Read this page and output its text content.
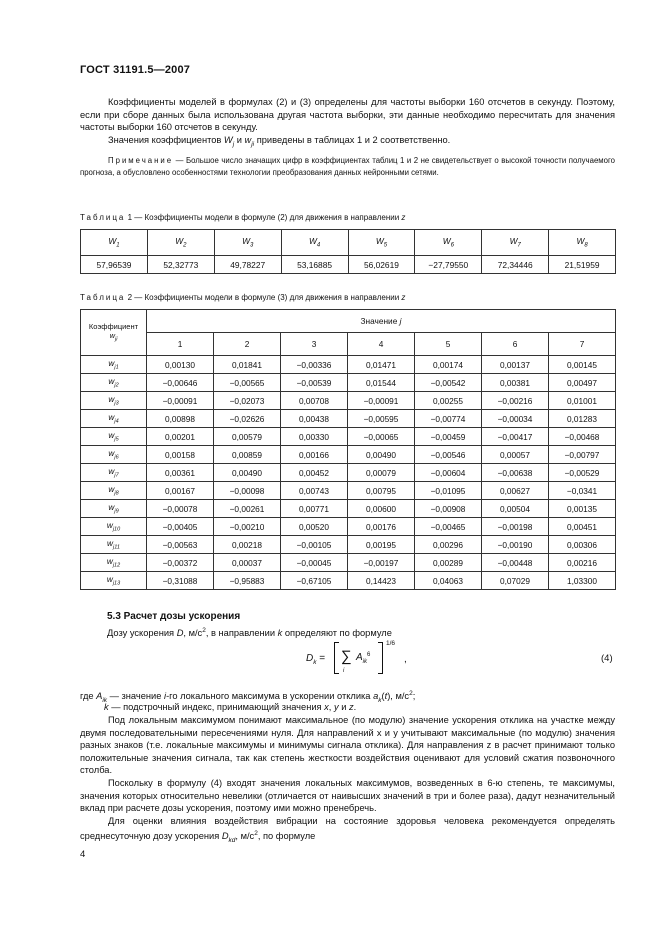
ГОСТ 31191.5—2007
Коэффициенты моделей в формулах (2) и (3) определены для частоты выборки 160 отсчетов в секунду. Поэтому, если при сборе данных была использована другая частота выборки, эти данные необходимо пересчитать для значения частоты выборки 160 отсчетов в секунду.
Значения коэффициентов $W_j$ и $w_{ji}$ приведены в таблицах 1 и 2 соответственно.
Примечание — Большое число значащих цифр в коэффициентах таблиц 1 и 2 не свидетельствует о высокой точности получаемого прогноза, а обусловлено особенностями технологии преобразования данных нейронными сетями.
Таблица 1 — Коэффициенты модели в формуле (2) для движения в направлении z
$W_1$	$W_2$	$W_3$	$W_4$	$W_5$	$W_6$	$W_7$	$W_8$
57,96539	52,32773	49,78227	53,16885	56,02619	−27,79550	72,34446	21,51959
Таблица 2 — Коэффициенты модели в формуле (3) для движения в направлении z
Коэффициент
$w_{ji}$	Значение j						
	1	2	3	4	5	6	7
$w_{j1}$	0,00130	0,01841	−0,00336	0,01471	0,00174	0,00137	0,00145
$w_{j2}$	−0,00646	−0,00565	−0,00539	0,01544	−0,00542	0,00381	0,00497
$w_{j3}$	−0,00091	−0,02073	0,00708	−0,00091	0,00255	−0,00216	0,01001
$w_{j4}$	0,00898	−0,02626	0,00438	−0,00595	−0,00774	−0,00034	0,01283
$w_{j5}$	0,00201	0,00579	0,00330	−0,00065	−0,00459	−0,00417	−0,00468
$w_{j6}$	0,00158	0,00859	0,00166	0,00490	−0,00546	0,00057	−0,00797
$w_{j7}$	0,00361	0,00490	0,00452	0,00079	−0,00604	−0,00638	−0,00529
$w_{j8}$	0,00167	−0,00098	0,00743	0,00795	−0,01095	0,00627	−0,0341
$w_{j9}$	−0,00078	−0,00261	0,00771	0,00600	−0,00908	0,00504	0,00135
$w_{j10}$	−0,00405	−0,00210	0,00520	0,00176	−0,00465	−0,00198	0,00451
$w_{j11}$	−0,00563	0,00218	−0,00105	0,00195	0,00296	−0,00190	0,00306
$w_{j12}$	−0,00372	0,00037	−0,00045	−0,00197	0,00289	−0,00448	0,00216
$w_{j13}$	−0,31088	−0,95883	−0,67105	0,14423	0,04063	0,07029	1,03300
5.3 Расчет дозы ускорения
Дозу ускорения D, $м/с^2$, в направлении k определяют по формуле
$D_k$ = ∑
i
$A_{ik}^6$
1/6
,	(4)
где $A_{ik}$ — значение i-го локального максимума в ускорении отклика $a_k(t)$, $м/с^2$;
k — подстрочный индекс, принимающий значения x, y и z.
Под локальным максимумом понимают максимальное (по модулю) значение ускорения отклика на участке между двумя последовательными пересечениями нуля. Для направлений x и y учитывают максимальные (по модулю) значения разных знаков (т.е. локальные максимумы и минимумы сигнала отклика). Для направления z в расчет принимают только положительные значения сигнала, так как степень жесткости воздействия оценивают для условий сжатия позвоночного столба.
Поскольку в формулу (4) входят значения локальных максимумов, возведенных в 6-ю степень, те максимумы, значения которых относительно невелики (отличается от наивысших значений в три и более раза), дадут незначительный вклад при расчете дозы ускорения, поэтому ими можно пренебречь.
Для оценки влияния воздействия вибрации на состояние здоровья человека рекомендуется определять среднесуточную дозу ускорения $D_{kd}$, $м/с^2$, по формуле
4
